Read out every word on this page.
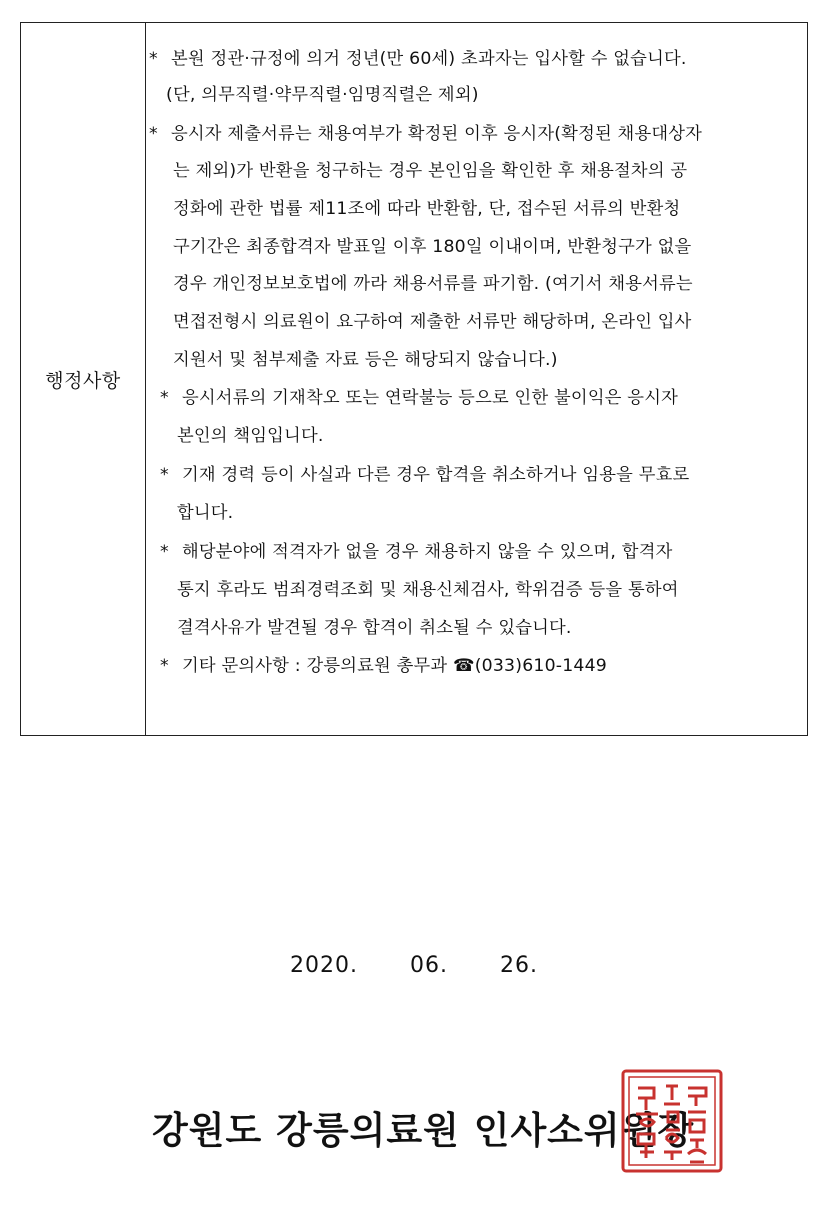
행정사항
* 본원 정관·규정에 의거 정년(만 60세) 초과자는 입사할 수 없습니다.
(단, 의무직렬·약무직렬·임명직렬은 제외)
* 응시자 제출서류는 채용여부가 확정된 이후 응시자(확정된 채용대상자
는 제외)가 반환을 청구하는 경우 본인임을 확인한 후 채용절차의 공
정화에 관한 법률 제11조에 따라 반환함, 단, 접수된 서류의 반환청
구기간은 최종합격자 발표일 이후 180일 이내이며, 반환청구가 없을
경우 개인정보보호법에 까라 채용서류를 파기함. (여기서 채용서류는
면접전형시 의료원이 요구하여 제출한 서류만 해당하며, 온라인 입사
지원서 및 첨부제출 자료 등은 해당되지 않습니다.)
* 응시서류의 기재착오 또는 연락불능 등으로 인한 불이익은 응시자
본인의 책임입니다.
* 기재 경력 등이 사실과 다른 경우 합격을 취소하거나 임용을 무효로
합니다.
* 해당분야에 적격자가 없을 경우 채용하지 않을 수 있으며, 합격자
통지 후라도 범죄경력조회 및 채용신체검사, 학위검증 등을 통하여
결격사유가 발견될 경우 합격이 취소될 수 있습니다.
* 기타 문의사항 : 강릉의료원 총무과 ☎(033)610-1449
2020. 06. 26.
강원도 강릉의료원 인사소위원장
